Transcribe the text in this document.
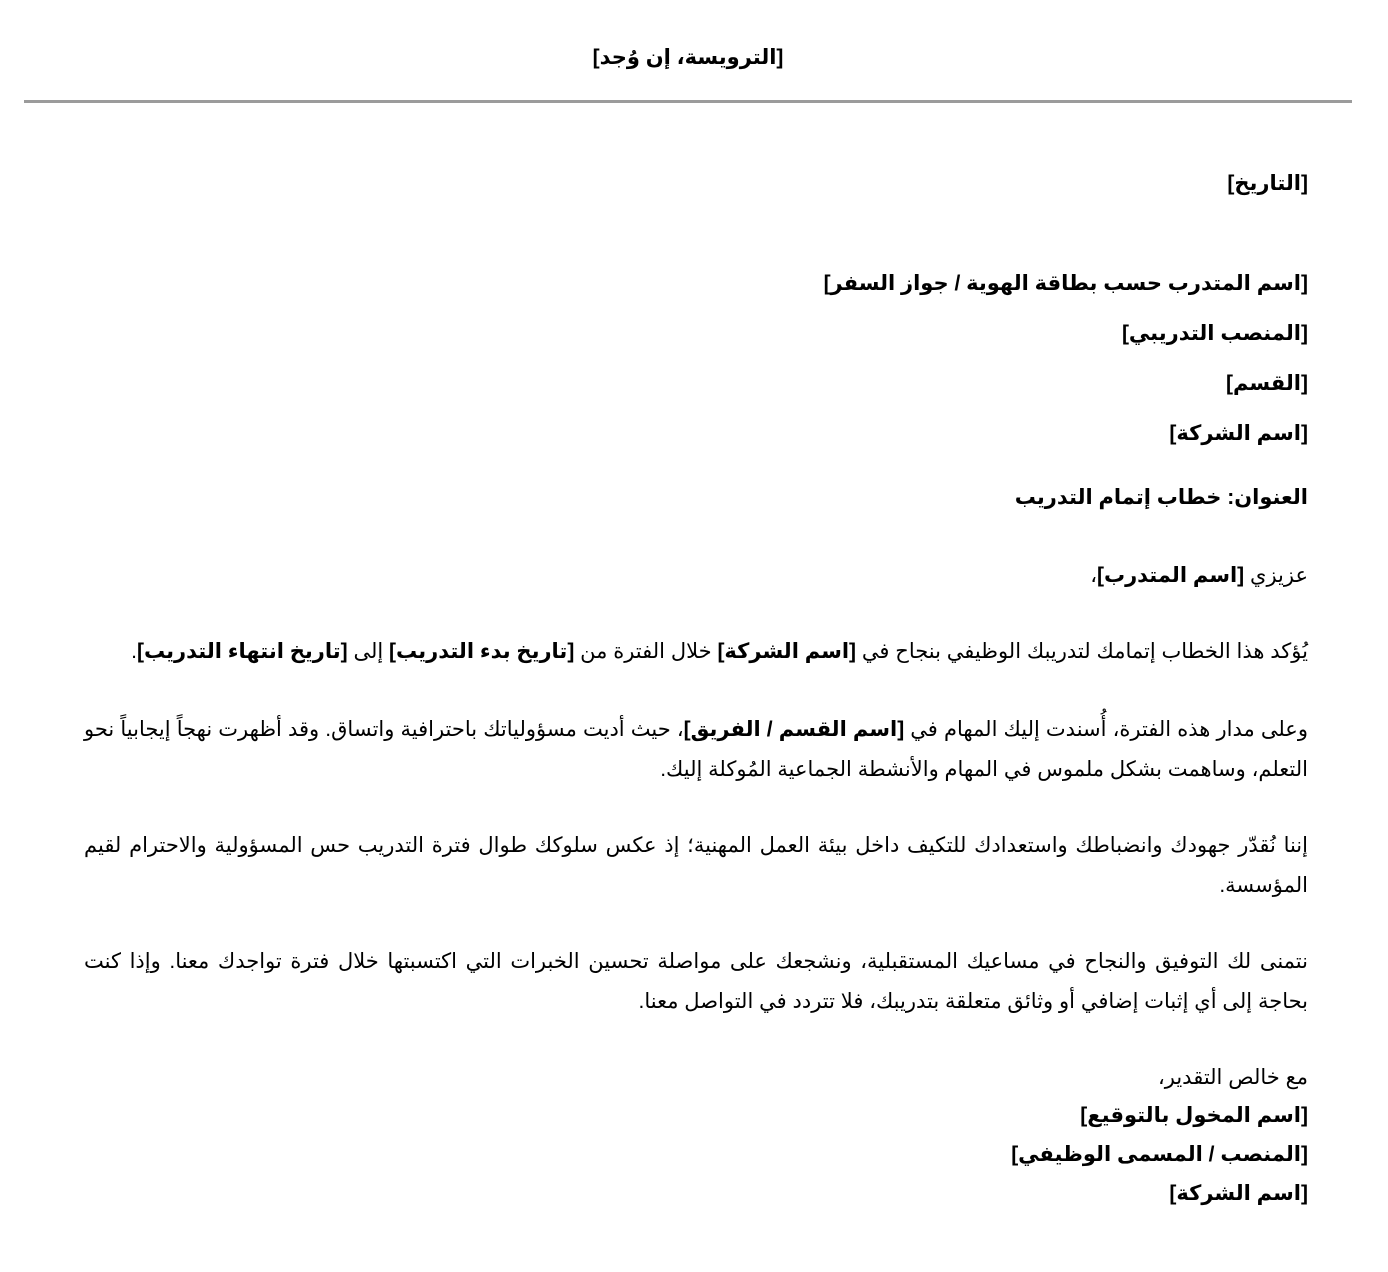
[الترويسة، إن وُجد]
[التاريخ]
[اسم المتدرب حسب بطاقة الهوية / جواز السفر]
[المنصب التدريبي]
[القسم]
[اسم الشركة]
العنوان: خطاب إتمام التدريب
عزيزي [اسم المتدرب]،
يُؤكد هذا الخطاب إتمامك لتدريبك الوظيفي بنجاح في [اسم الشركة] خلال الفترة من [تاريخ بدء التدريب] إلى [تاريخ انتهاء التدريب].
وعلى مدار هذه الفترة، أُسندت إليك المهام في [اسم القسم / الفريق]، حيث أديت مسؤولياتك باحترافية واتساق. وقد أظهرت نهجاً إيجابياً نحو التعلم، وساهمت بشكل ملموس في المهام والأنشطة الجماعية المُوكلة إليك.
إننا نُقدّر جهودك وانضباطك واستعدادك للتكيف داخل بيئة العمل المهنية؛ إذ عكس سلوكك طوال فترة التدريب حس المسؤولية والاحترام لقيم المؤسسة.
نتمنى لك التوفيق والنجاح في مساعيك المستقبلية، ونشجعك على مواصلة تحسين الخبرات التي اكتسبتها خلال فترة تواجدك معنا. وإذا كنت بحاجة إلى أي إثبات إضافي أو وثائق متعلقة بتدريبك، فلا تتردد في التواصل معنا.
مع خالص التقدير،
[اسم المخول بالتوقيع]
[المنصب / المسمى الوظيفي]
[اسم الشركة]
